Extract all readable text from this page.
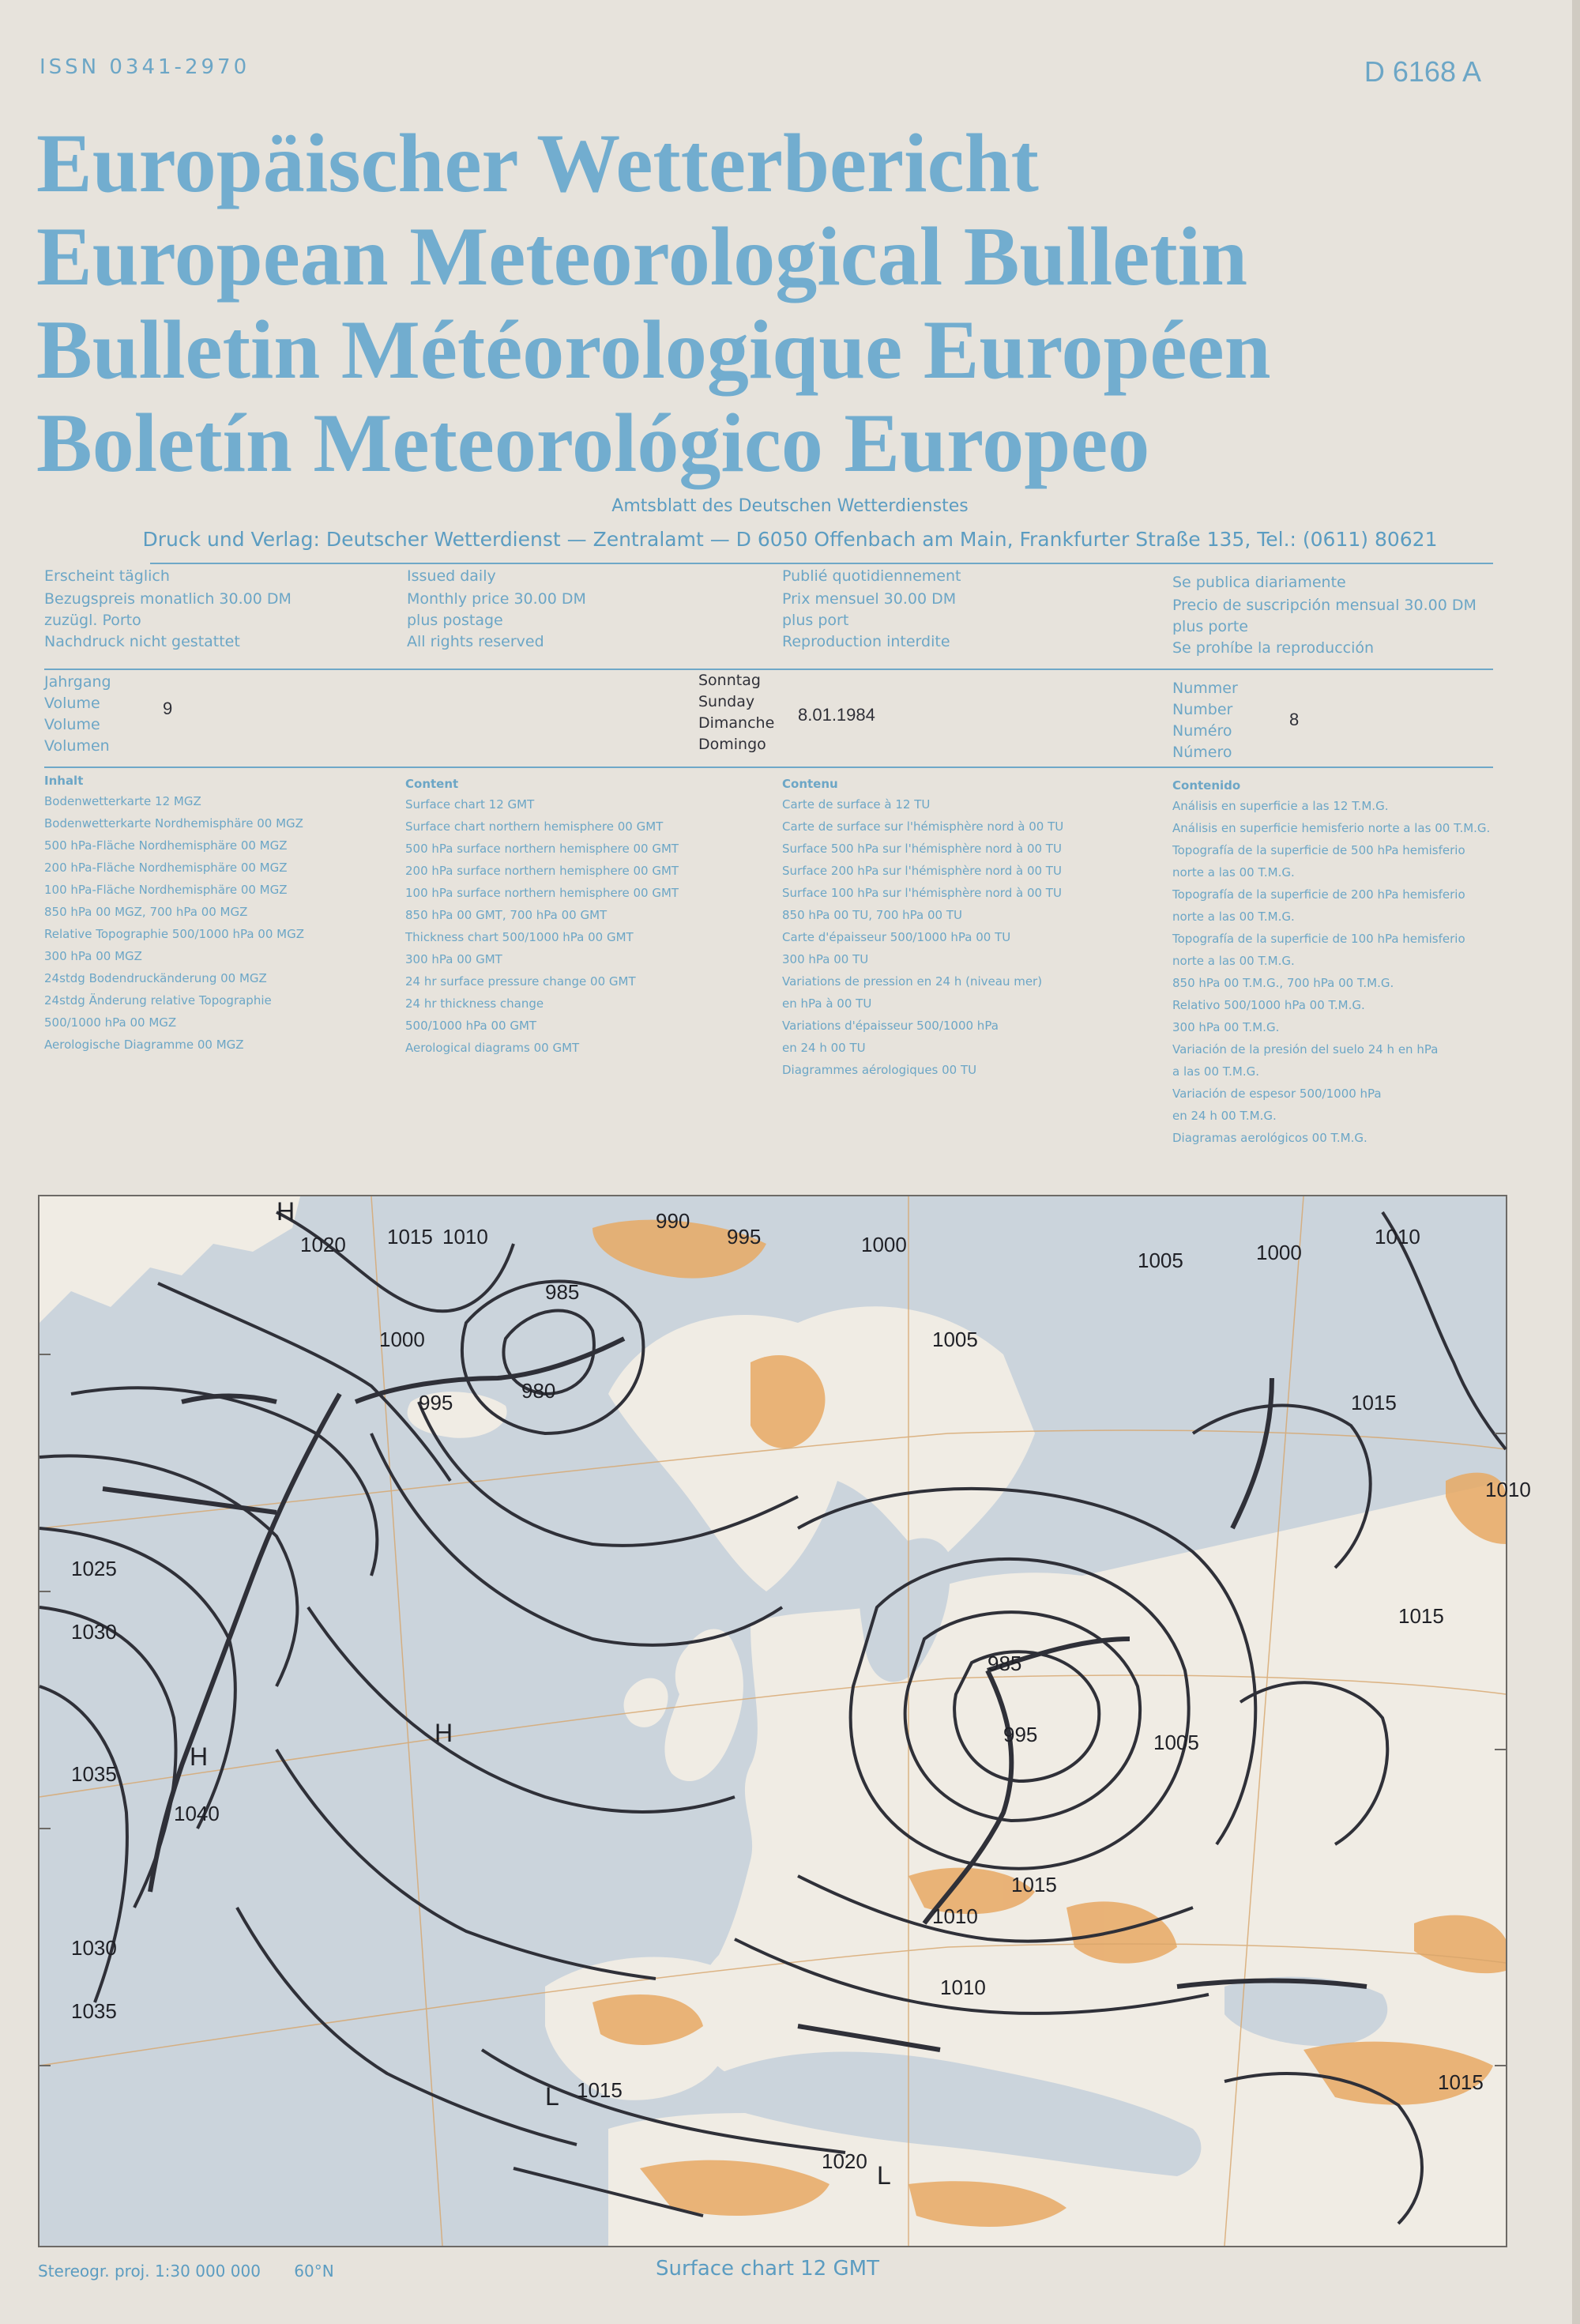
ISSN 0341-2970	D 6168 A
Europäischer Wetterbericht
European Meteorological Bulletin
Bulletin Météorologique Européen
Boletín Meteorológico Europeo
Amtsblatt des Deutschen Wetterdienstes
Druck und Verlag: Deutscher Wetterdienst — Zentralamt — D 6050 Offenbach am Main, Frankfurter Straße 135, Tel.: (0611) 80621
Erscheint täglich
Bezugspreis monatlich 30.00 DM
zuzügl. Porto
Nachdruck nicht gestattet
Issued daily
Monthly price 30.00 DM
plus postage
All rights reserved
Publié quotidiennement
Prix mensuel 30.00 DM
plus port
Reproduction interdite
Se publica diariamente
Precio de suscripción mensual 30.00 DM
plus porte
Se prohíbe la reproducción
Jahrgang
Volume
Volume
Volumen
9
Sonntag
Sunday
Dimanche
Domingo
8.01.1984
Nummer
Number
Numéro
Número
8
Inhalt
Bodenwetterkarte 12 MGZ
Bodenwetterkarte Nordhemisphäre 00 MGZ
500 hPa-Fläche Nordhemisphäre 00 MGZ
200 hPa-Fläche Nordhemisphäre 00 MGZ
100 hPa-Fläche Nordhemisphäre 00 MGZ
850 hPa 00 MGZ, 700 hPa 00 MGZ
Relative Topographie 500/1000 hPa 00 MGZ
300 hPa 00 MGZ
24stdg Bodendruckänderung 00 MGZ
24stdg Änderung relative Topographie
500/1000 hPa 00 MGZ
Aerologische Diagramme 00 MGZ
Content
Surface chart 12 GMT
Surface chart northern hemisphere 00 GMT
500 hPa surface northern hemisphere 00 GMT
200 hPa surface northern hemisphere 00 GMT
100 hPa surface northern hemisphere 00 GMT
850 hPa 00 GMT, 700 hPa 00 GMT
Thickness chart 500/1000 hPa 00 GMT
300 hPa 00 GMT
24 hr surface pressure change 00 GMT
24 hr thickness change
500/1000 hPa 00 GMT
Aerological diagrams 00 GMT
Contenu
Carte de surface à 12 TU
Carte de surface sur l'hémisphère nord à 00 TU
Surface 500 hPa sur l'hémisphère nord à 00 TU
Surface 200 hPa sur l'hémisphère nord à 00 TU
Surface 100 hPa sur l'hémisphère nord à 00 TU
850 hPa 00 TU, 700 hPa 00 TU
Carte d'épaisseur 500/1000 hPa 00 TU
300 hPa 00 TU
Variations de pression en 24 h (niveau mer)
en hPa à 00 TU
Variations d'épaisseur 500/1000 hPa
en 24 h 00 TU
Diagrammes aérologiques 00 TU
Contenido
Análisis en superficie a las 12 T.M.G.
Análisis en superficie hemisferio norte a las 00 T.M.G.
Topografía de la superficie de 500 hPa hemisferio
norte a las 00 T.M.G.
Topografía de la superficie de 200 hPa hemisferio
norte a las 00 T.M.G.
Topografía de la superficie de 100 hPa hemisferio
norte a las 00 T.M.G.
850 hPa 00 T.M.G., 700 hPa 00 T.M.G.
Relativo 500/1000 hPa 00 T.M.G.
300 hPa 00 T.M.G.
Variación de la presión del suelo 24 h en hPa
a las 00 T.M.G.
Variación de espesor 500/1000 hPa
en 24 h 00 T.M.G.
Diagramas aerológicos 00 T.M.G.
1020 1015 1010
990
995	1000
985
980
1005
1025
1030
1035
1040
1000
995
1010
1015
1005
985
995
1010
1015
1010
1015
1020
1015
1000
1010
1030
1035
1005
1015
H
H
H
L
L
Stereogr. proj. 1:30 000 000 60°N	Surface chart 12 GMT
